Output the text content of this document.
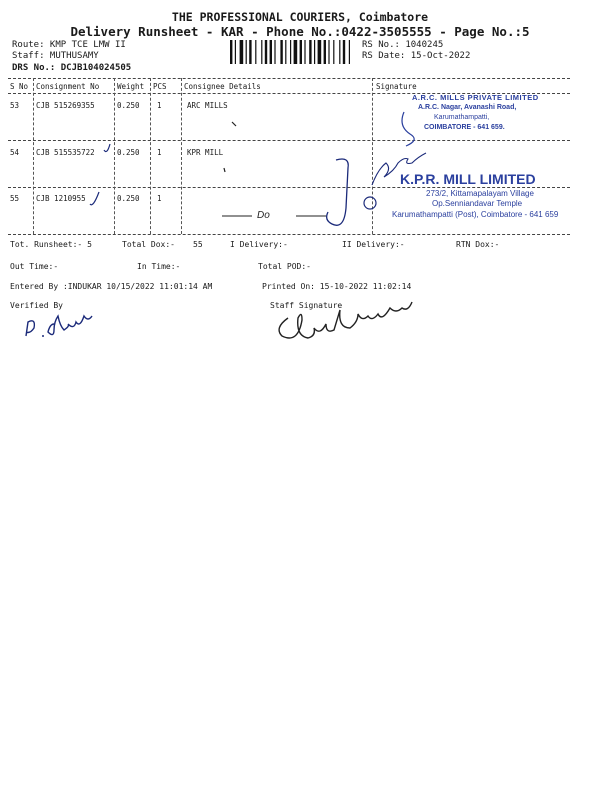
THE PROFESSIONAL COURIERS, Coimbatore
Delivery Runsheet - KAR - Phone No.:0422-3505555 - Page No.:5
Route: KMP TCE LMW II
Staff: MUTHUSAMY
DRS No.: DCJB104024505
RS No.: 1040245
RS Date: 15-Oct-2022
S No Consignment No Weight PCS Consignee Details	Signature
53 CJB 515269355	0.250 1	ARC MILLS
54 CJB 515535722	0.250 1	KPR MILL
55 CJB 1210955	0.250 1
A.R.C. MILLS PRIVATE LIMITED
A.R.C. Nagar, Avanashi Road,
Karumathampatti,
COIMBATORE - 641 659.
K.P.R. MILL LIMITED
273/2, Kittamapalayam Village
Op.Senniandavar Temple
Karumathampatti (Post), Coimbatore - 641 659
Do
Tot. Runsheet:- 5	Total Dox:- 55	I Delivery:-	II Delivery:-	RTN Dox:-
Out Time:-	In Time:-	Total POD:-
Entered By :INDUKAR 10/15/2022 11:01:14 AM	Printed On: 15-10-2022 11:02:14
Verified By	Staff Signature
